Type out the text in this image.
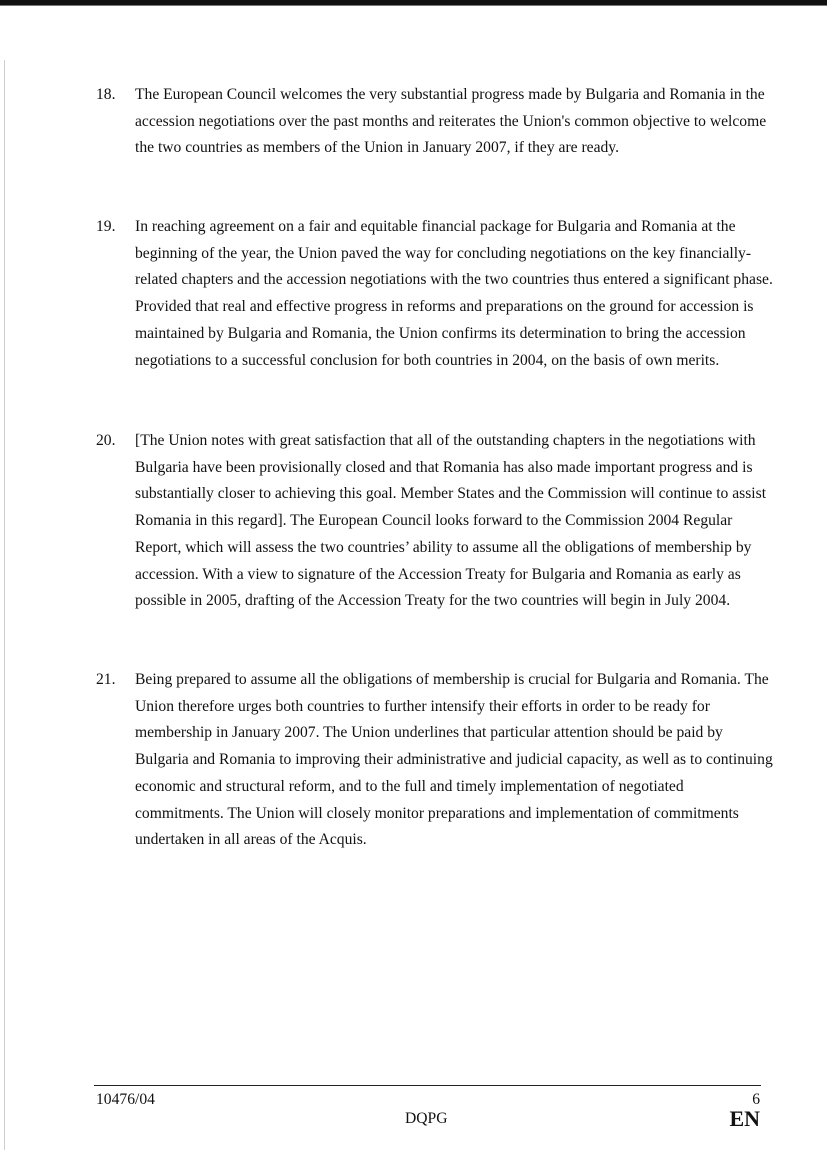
18.	The European Council welcomes the very substantial progress made by Bulgaria and Romania in the accession negotiations over the past months and reiterates the Union's common objective to welcome the two countries as members of the Union in January 2007, if they are ready.
19.	In reaching agreement on a fair and equitable financial package for Bulgaria and Romania at the beginning of the year, the Union paved the way for concluding negotiations on the key financially-related chapters and the accession negotiations with the two countries thus entered a significant phase. Provided that real and effective progress in reforms and preparations on the ground for accession is maintained by Bulgaria and Romania, the Union confirms its determination to bring the accession negotiations to a successful conclusion for both countries in 2004, on the basis of own merits.
20.	[The Union notes with great satisfaction that all of the outstanding chapters in the negotiations with Bulgaria have been provisionally closed and that Romania has also made important progress and is substantially closer to achieving this goal. Member States and the Commission will continue to assist Romania in this regard]. The European Council looks forward to the Commission 2004 Regular Report, which will assess the two countries’ ability to assume all the obligations of membership by accession. With a view to signature of the Accession Treaty for Bulgaria and Romania as early as possible in 2005, drafting of the Accession Treaty for the two countries will begin in July 2004.
21.	Being prepared to assume all the obligations of membership is crucial for Bulgaria and Romania. The Union therefore urges both countries to further intensify their efforts in order to be ready for membership in January 2007. The Union underlines that particular attention should be paid by Bulgaria and Romania to improving their administrative and judicial capacity, as well as to continuing economic and structural reform, and to the full and timely implementation of negotiated commitments. The Union will closely monitor preparations and implementation of commitments undertaken in all areas of the Acquis.
10476/04
DQPG
6
EN
